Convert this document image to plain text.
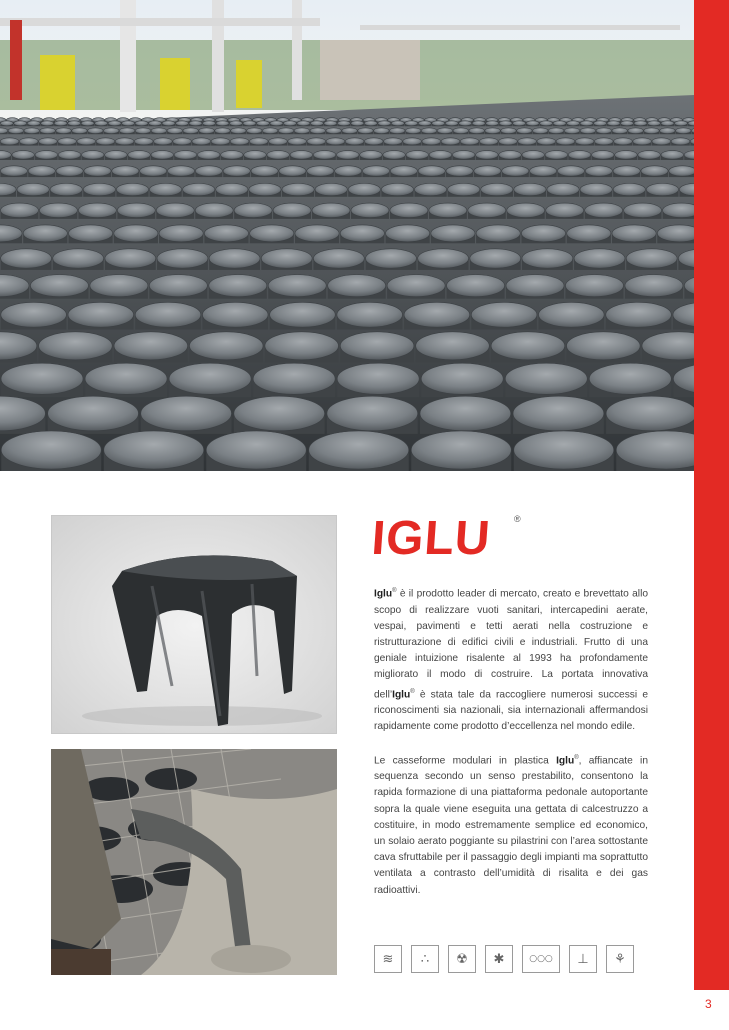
IGLU ®

Iglu® è il prodotto leader di mercato, creato e brevettato allo scopo di realizzare vuoti sanitari, intercapedini aerate, vespai, pavimenti e tetti aerati nella costruzione e ristrutturazione di edifici civili e industriali. Frutto di una geniale intuizione risalente al 1993 ha profondamente migliorato il modo di costruire. La portata innovativa dell’Iglu® è stata tale da raccogliere numerosi successi e riconoscimenti sia nazionali, sia internazionali affermandosi rapidamente come prodotto d’eccellenza nel mondo edile.

Le casseforme modulari in plastica Iglu®, affiancate in sequenza secondo un senso prestabilito, consentono la rapida formazione di una piattaforma pedonale autoportante sopra la quale viene eseguita una gettata di calcestruzzo a costituire, in modo estremamente semplice ed economico, un solaio aerato poggiante su pilastrini con l’area sottostante cava sfruttabile per il passaggio degli impianti ma soprattutto ventilata a contrasto dell’umidità di risalita e dei gas radioattivi.

≋	∴	☢	✱	○○○	⊥	⚘
3
